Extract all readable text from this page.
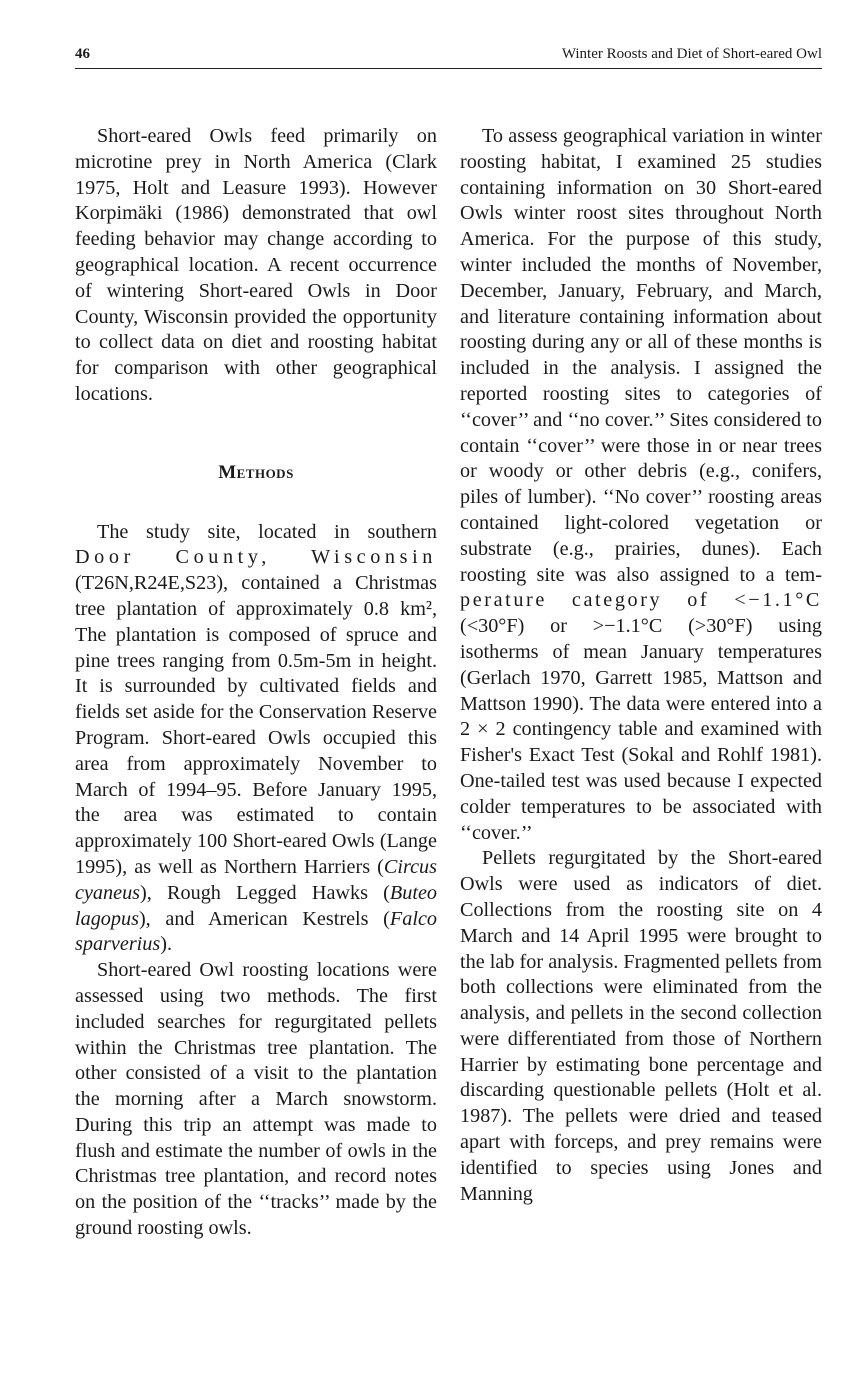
46	Winter Roosts and Diet of Short-eared Owl

Short-eared Owls feed primarily on microtine prey in North America (Clark 1975, Holt and Leasure 1993). However Korpimäki (1986) demonstrated that owl feeding behavior may change according to geographical location. A recent occurrence of wintering Short-eared Owls in Door County, Wisconsin provided the opportunity to collect data on diet and roosting habitat for comparison with other geographical locations.

Methods

The study site, located in southern Door County, Wisconsin (T26N,R24E,S23), contained a Christmas tree plantation of approximately 0.8 km², The plantation is composed of spruce and pine trees ranging from 0.5m-5m in height. It is surrounded by cultivated fields and fields set aside for the Conservation Reserve Program. Short-eared Owls occupied this area from approximately November to March of 1994–95. Before January 1995, the area was estimated to contain approximately 100 Short-eared Owls (Lange 1995), as well as Northern Harriers (Circus cyaneus), Rough Legged Hawks (Buteo lagopus), and American Kestrels (Falco sparverius).

Short-eared Owl roosting locations were assessed using two methods. The first included searches for regurgitated pellets within the Christmas tree plantation. The other consisted of a visit to the plantation the morning after a March snowstorm. During this trip an attempt was made to flush and estimate the number of owls in the Christmas tree plantation, and record notes on the position of the ‘‘tracks’’ made by the ground roosting owls.

To assess geographical variation in winter roosting habitat, I examined 25 studies containing information on 30 Short-eared Owls winter roost sites throughout North America. For the purpose of this study, winter included the months of November, December, January, February, and March, and literature containing information about roosting during any or all of these months is included in the analysis. I assigned the reported roosting sites to categories of ‘‘cover’’ and ‘‘no cover.’’ Sites considered to contain ‘‘cover’’ were those in or near trees or woody or other debris (e.g., conifers, piles of lumber). ‘‘No cover’’ roosting areas contained light-colored vegetation or substrate (e.g., prairies, dunes). Each roosting site was also assigned to a temperature category of <−1.1°C (<30°F) or >−1.1°C (>30°F) using isotherms of mean January temperatures (Gerlach 1970, Garrett 1985, Mattson and Mattson 1990). The data were entered into a 2 × 2 contingency table and examined with Fisher's Exact Test (Sokal and Rohlf 1981). One-tailed test was used because I expected colder temperatures to be associated with ‘‘cover.’’

Pellets regurgitated by the Short-eared Owls were used as indicators of diet. Collections from the roosting site on 4 March and 14 April 1995 were brought to the lab for analysis. Fragmented pellets from both collections were eliminated from the analysis, and pellets in the second collection were differentiated from those of Northern Harrier by estimating bone percentage and discarding questionable pellets (Holt et al. 1987). The pellets were dried and teased apart with forceps, and prey remains were identified to species using Jones and Manning
